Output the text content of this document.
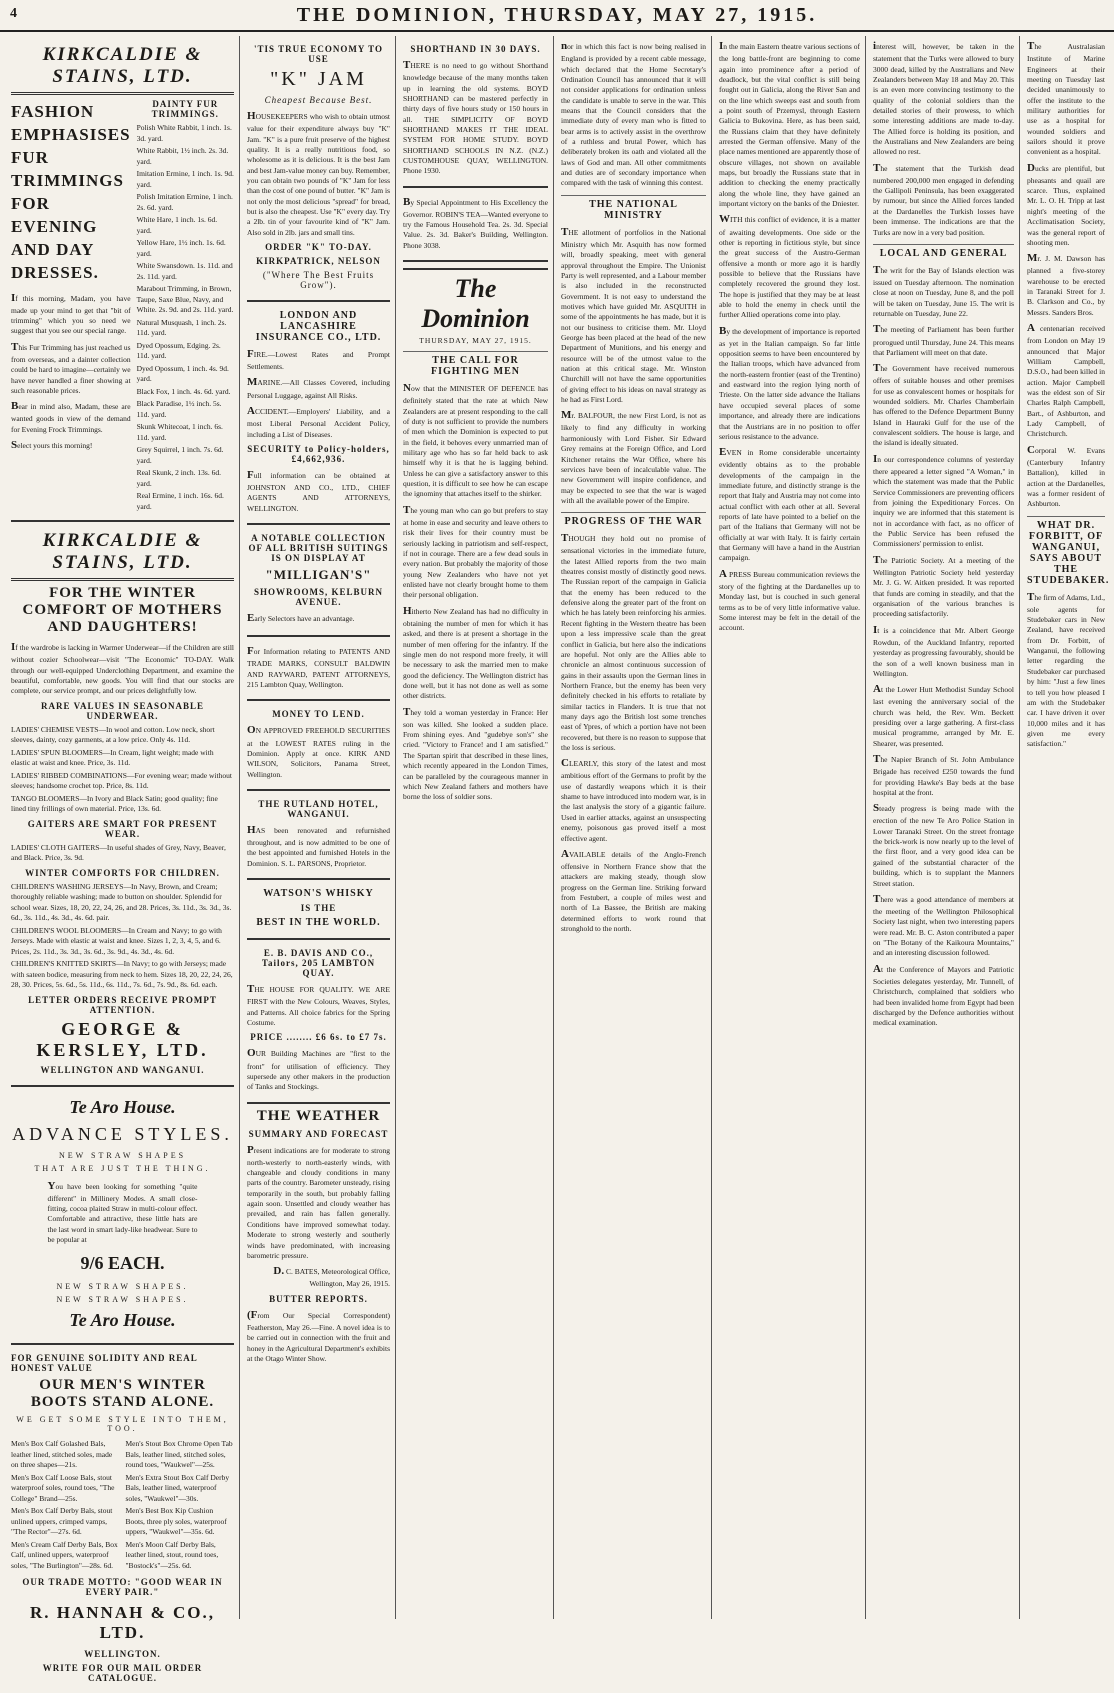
4	THE DOMINION, THURSDAY, MAY 27, 1915.
KIRKCALDIE & STAINS, LTD.
FASHION EMPHASISES FUR TRIMMINGS FOR EVENING AND DAY DRESSES.
If this morning, Madam, you have made up your mind to get that "bit of trimming" which you so need we suggest that you see our special range.
This Fur Trimming has just reached us from overseas, and a dainter collection could be hard to imagine—certainly we have never handled a finer showing at such reasonable prices.
Bear in mind also, Madam, these are wanted goods in view of the demand for Evening Frock Trimmings.
Select yours this morning!
DAINTY FUR TRIMMINGS.
Polish White Rabbit, 1 inch. 1s. 3d. yard.
White Rabbit, 1½ inch. 2s. 3d. yard.
Imitation Ermine, 1 inch. 1s. 9d. yard.
Polish Imitation Ermine, 1 inch. 2s. 6d. yard.
White Hare, 1 inch. 1s. 6d. yard.
Yellow Hare, 1½ inch. 1s. 6d. yard.
White Swansdown. 1s. 11d. and 2s. 11d. yard.
Marabout Trimming, in Brown, Taupe, Saxe Blue, Navy, and White. 2s. 9d. and 2s. 11d. yard.
Natural Musquash, 1 inch. 2s. 11d. yard.
Dyed Opossum, Edging. 2s. 11d. yard.
Dyed Opossum, 1 inch. 4s. 9d. yard.
Black Fox, 1 inch. 4s. 6d. yard.
Black Paradise, 1½ inch. 5s. 11d. yard.
Skunk Whitecoat, 1 inch. 6s. 11d. yard.
Grey Squirrel, 1 inch. 7s. 6d. yard.
Real Skunk, 2 inch. 13s. 6d. yard.
Real Ermine, 1 inch. 16s. 6d. yard.
KIRKCALDIE & STAINS, LTD.
FOR THE WINTER COMFORT OF MOTHERS AND DAUGHTERS!
If the wardrobe is lacking in Warmer Underwear—if the Children are still without cozier Schoolwear—visit "The Economic" TO-DAY. Walk through our well-equipped Underclothing Department, and examine the beautiful, comfortable, new goods. You will find that our stocks are complete, our service prompt, and our prices delightfully low.
RARE VALUES IN SEASONABLE UNDERWEAR.
LADIES' CHEMISE VESTS—In wool and cotton. Low neck, short sleeves, dainty, cozy garments, at a low price. Only 4s. 11d.
LADIES' SPUN BLOOMERS—In Cream, light weight; made with elastic at waist and knee. Price, 3s. 11d.
LADIES' RIBBED COMBINATIONS—For evening wear; made without sleeves; handsome crochet top. Price, 8s. 11d.
TANGO BLOOMERS—In Ivory and Black Satin; good quality; fine lined tiny frillings of own material. Price, 13s. 6d.
GAITERS ARE SMART FOR PRESENT WEAR.
LADIES' CLOTH GAITERS—In useful shades of Grey, Navy, Beaver, and Black. Price, 3s. 9d.
WINTER COMFORTS FOR CHILDREN.
CHILDREN'S WASHING JERSEYS—In Navy, Brown, and Cream; thoroughly reliable washing; made to button on shoulder. Splendid for school wear. Sizes, 18, 20, 22, 24, 26, and 28. Prices, 3s. 11d., 3s. 3d., 3s. 6d., 3s. 11d., 4s. 3d., 4s. 6d. pair.
CHILDREN'S WOOL BLOOMERS—In Cream and Navy; to go with Jerseys. Made with elastic at waist and knee. Sizes 1, 2, 3, 4, 5, and 6. Prices, 2s. 11d., 3s. 3d., 3s. 6d., 3s. 9d., 4s. 3d., 4s. 6d.
CHILDREN'S KNITTED SKIRTS—In Navy; to go with Jerseys; made with sateen bodice, measuring from neck to hem. Sizes 18, 20, 22, 24, 26, 28, 30. Prices, 5s. 6d., 5s. 11d., 6s. 11d., 7s. 6d., 7s. 9d., 8s. 6d. each.
LETTER ORDERS RECEIVE PROMPT ATTENTION.
GEORGE & KERSLEY, LTD.
WELLINGTON AND WANGANUI.
Te Aro House.
ADVANCE STYLES.
NEW STRAW SHAPES
THAT ARE JUST THE THING.
You have been looking for something "quite different" in Millinery Modes. A small close-fitting, cocoa plaited Straw in multi-colour effect. Comfortable and attractive, these little hats are the last word in smart lady-like headwear. Sure to be popular at
9/6 EACH.
NEW STRAW SHAPES.
NEW STRAW SHAPES.
Te Aro House.
FOR GENUINE SOLIDITY AND REAL HONEST VALUE
OUR MEN'S WINTER BOOTS STAND ALONE.
WE GET SOME STYLE INTO THEM, TOO.
Men's Box Calf Golashed Bals, leather lined, stitched soles, made on three shapes—21s.
Men's Box Calf Loose Bals, stout waterproof soles, round toes, "The College" Brand—25s.
Men's Box Calf Derby Bals, stout unlined uppers, crimped vamps, "The Rector"—27s. 6d.
Men's Cream Calf Derby Bals, Box Calf, unlined uppers, waterproof soles, "The Burlington"—28s. 6d.
Men's Stout Box Chrome Open Tab Bals, leather lined, stitched soles, round toes, "Waukwel"—25s.
Men's Extra Stout Box Calf Derby Bals, leather lined, waterproof soles, "Waukwel"—30s.
Men's Best Box Kip Cushion Boots, three ply soles, waterproof uppers, "Waukwel"—35s. 6d.
Men's Moon Calf Derby Bals, leather lined, stout, round toes, "Bostock's"—25s. 6d.
OUR TRADE MOTTO: "GOOD WEAR IN EVERY PAIR."
R. HANNAH & CO., LTD.
WELLINGTON.
WRITE FOR OUR MAIL ORDER CATALOGUE.
'TIS TRUE ECONOMY TO USE
"K" JAM
Cheapest Because Best.
HOUSEKEEPERS who wish to obtain utmost value for their expenditure always buy "K" Jam. "K" is a pure fruit preserve of the highest quality. It is a really nutritious food, so wholesome as it is delicious. It is the best Jam and best Jam-value money can buy. Remember, you can obtain two pounds of "K" Jam for less than the cost of one pound of butter. "K" Jam is not only the most delicious "spread" for bread, but is also the cheapest. Use "K" every day. Try a 2lb. tin of your favourite kind of "K" Jam. Also sold in 2lb. jars and small tins.
ORDER "K" TO-DAY.
KIRKPATRICK, NELSON
("Where The Best Fruits Grow").
LONDON AND LANCASHIRE INSURANCE CO., LTD.
FIRE.—Lowest Rates and Prompt Settlements.
MARINE.—All Classes Covered, including Personal Luggage, against All Risks.
ACCIDENT.—Employers' Liability, and a most Liberal Personal Accident Policy, including a List of Diseases.
SECURITY to Policy-holders, £4,662,936.
Full information can be obtained at JOHNSTON AND CO., LTD., CHIEF AGENTS AND ATTORNEYS, WELLINGTON.
A NOTABLE COLLECTION OF ALL BRITISH SUITINGS IS ON DISPLAY AT
"MILLIGAN'S"
SHOWROOMS, KELBURN AVENUE.
Early Selectors have an advantage.
For Information relating to PATENTS AND TRADE MARKS, CONSULT BALDWIN AND RAYWARD, PATENT ATTORNEYS, 215 Lambton Quay, Wellington.
MONEY TO LEND.
ON APPROVED FREEHOLD SECURITIES at the LOWEST RATES ruling in the Dominion. Apply at once. KIRK AND WILSON, Solicitors, Panama Street, Wellington.
THE RUTLAND HOTEL, WANGANUI.
HAS been renovated and refurnished throughout, and is now admitted to be one of the best appointed and furnished Hotels in the Dominion. S. L. PARSONS, Proprietor.
WATSON'S WHISKY
IS THE
BEST IN THE WORLD.
E. B. DAVIS AND CO., Tailors, 205 LAMBTON QUAY.
THE HOUSE FOR QUALITY. WE ARE FIRST with the New Colours, Weaves, Styles, and Patterns. All choice fabrics for the Spring Costume.
PRICE ........ £6 6s. to £7 7s.
OUR Building Machines are "first to the front" for utilisation of efficiency. They supersede any other makers in the production of Tanks and Stockings.
THE WEATHER
SUMMARY AND FORECAST
Present indications are for moderate to strong north-westerly to north-easterly winds, with changeable and cloudy conditions in many parts of the country. Barometer unsteady, rising temporarily in the south, but probably falling again soon. Unsettled and cloudy weather has prevailed, and rain has fallen generally. Conditions have improved somewhat today. Moderate to strong westerly and southerly winds have predominated, with increasing barometric pressure.
D. C. BATES, Meteorological Office, Wellington, May 26, 1915.
BUTTER REPORTS.
(From Our Special Correspondent) Featherston, May 26.—Fine. A novel idea is to be carried out in connection with the fruit and honey in the Agricultural Department's exhibits at the Otago Winter Show.
SHORTHAND IN 30 DAYS.
THERE is no need to go without Shorthand knowledge because of the many months taken up in learning the old systems. BOYD SHORTHAND can be mastered perfectly in thirty days of five hours study or 150 hours in all. THE SIMPLICITY OF BOYD SHORTHAND MAKES IT THE IDEAL SYSTEM FOR HOME STUDY. BOYD SHORTHAND SCHOOLS IN N.Z. (N.Z.) CUSTOMHOUSE QUAY, WELLINGTON. Phone 1930.
By Special Appointment to His Excellency the Governor. ROBIN'S TEA—Wanted everyone to try the Famous Household Tea. 2s. 3d. Special Value. 2s. 3d. Baker's Building, Wellington. Phone 3038.
The Dominion
THURSDAY, MAY 27, 1915.
THE CALL FOR FIGHTING MEN
Now that the MINISTER OF DEFENCE has definitely stated that the rate at which New Zealanders are at present responding to the call of duty is not sufficient to provide the numbers of men which the Dominion is expected to put in the field, it behoves every unmarried man of military age who has so far held back to ask himself why it is that he is lagging behind. Unless he can give a satisfactory answer to this question, it is difficult to see how he can escape the ignominy that attaches itself to the shirker.
The young man who can go but prefers to stay at home in ease and security and leave others to risk their lives for their country must be seriously lacking in patriotism and self-respect, if not in courage. There are a few dead souls in every nation. But probably the majority of those young New Zealanders who have not yet enlisted have not clearly brought home to them their personal obligation.
Hitherto New Zealand has had no difficulty in obtaining the number of men for which it has asked, and there is at present a shortage in the number of men offering for the infantry. If the single men do not respond more freely, it will be necessary to ask the married men to make good the deficiency. The Wellington district has done well, but it has not done as well as some other districts.
They told a woman yesterday in France: Her son was killed. She looked a sudden place. From shining eyes. And "gudebye son's" she cried. "Victory to France! and I am satisfied." The Spartan spirit that described in these lines, which recently appeared in the London Times, can be paralleled by the courageous manner in which New Zealand fathers and mothers have borne the loss of soldier sons.
nor in which this fact is now being realised in England is provided by a recent cable message, which declared that the Home Secretary's Ordination Council has announced that it will not consider applications for ordination unless the candidate is unable to serve in the war. This means that the Council considers that the immediate duty of every man who is fitted to bear arms is to actively assist in the overthrow of a ruthless and brutal Power, which has deliberately broken its oath and violated all the laws of God and man. All other commitments and duties are of secondary importance when compared with the task of winning this contest.
THE NATIONAL MINISTRY
THE allotment of portfolios in the National Ministry which Mr. Asquith has now formed will, broadly speaking, meet with general approval throughout the Empire. The Unionist Party is well represented, and a Labour member is also included in the reconstructed Government. It is not easy to understand the motives which have guided Mr. ASQUITH in some of the appointments he has made, but it is not our business to criticise them. Mr. Lloyd George has been placed at the head of the new Department of Munitions, and his energy and resource will be of the utmost value to the nation at this critical stage. Mr. Winston Churchill will not have the same opportunities of giving effect to his ideas on naval strategy as he had as First Lord.
Mr. BALFOUR, the new First Lord, is not as likely to find any difficulty in working harmoniously with Lord Fisher. Sir Edward Grey remains at the Foreign Office, and Lord Kitchener retains the War Office, where his services have been of incalculable value. The new Government will inspire confidence, and may be expected to see that the war is waged with all the available power of the Empire.
PROGRESS OF THE WAR
THOUGH they hold out no promise of sensational victories in the immediate future, the latest Allied reports from the two main theatres consist mostly of distinctly good news. The Russian report of the campaign in Galicia that the enemy has been reduced to the defensive along the greater part of the front on which he has lately been reinforcing his armies. Recent fighting in the Western theatre has been upon a less impressive scale than the great conflict in Galicia, but here also the indications are hopeful. Not only are the Allies able to chronicle an almost continuous succession of gains in their assaults upon the German lines in Northern France, but the enemy has been very definitely checked in his efforts to retaliate by similar tactics in Flanders. It is true that not many days ago the British lost some trenches east of Ypres, of which a portion have not been recovered, but there is no reason to suppose that the loss is serious.
CLEARLY, this story of the latest and most ambitious effort of the Germans to profit by the use of dastardly weapons which it is their shame to have introduced into modern war, is in the last analysis the story of a gigantic failure. Used in earlier attacks, against an unsuspecting enemy, poisonous gas proved itself a most effective agent.
AVAILABLE details of the Anglo-French offensive in Northern France show that the attackers are making steady, though slow progress on the German line. Striking forward from Festubert, a couple of miles west and north of La Bassee, the British are making determined efforts to work round that stronghold to the north.
In the main Eastern theatre various sections of the long battle-front are beginning to come again into prominence after a period of deadlock, but the vital conflict is still being fought out in Galicia, along the River San and on the line which sweeps east and south from a point south of Przemysl, through Eastern Galicia to Bukovina. Here, as has been said, the Russians claim that they have definitely arrested the German offensive. Many of the place names mentioned are apparently those of obscure villages, not shown on available maps, but broadly the Russians state that in addition to checking the enemy practically along the whole line, they have gained an important victory on the banks of the Dniester.
WITH this conflict of evidence, it is a matter of awaiting developments. One side or the other is reporting in fictitious style, but since the great success of the Austro-German offensive a month or more ago it is hardly possible to believe that the Russians have completely recovered the ground they lost. The hope is justified that they may be at least able to hold the enemy in check until the further Allied operations come into play.
By the development of importance is reported as yet in the Italian campaign. So far little opposition seems to have been encountered by the Italian troops, which have advanced from the north-eastern frontier (east of the Trentino) and eastward into the region lying north of Trieste. On the latter side advance the Italians have occupied several places of some importance, and already there are indications that the Austrians are in no position to offer serious resistance to the advance.
EVEN in Rome considerable uncertainty evidently obtains as to the probable developments of the campaign in the immediate future, and distinctly strange is the report that Italy and Austria may not come into actual conflict with each other at all. Several reports of late have pointed to a belief on the part of the Italians that Germany will not be officially at war with Italy. It is fairly certain that Germany will have a hand in the Austrian campaign.
A PRESS Bureau communication reviews the story of the fighting at the Dardanelles up to Monday last, but is couched in such general terms as to be of very little informative value. Some interest may be felt in the detail of the account.
interest will, however, be taken in the statement that the Turks were allowed to bury 3000 dead, killed by the Australians and New Zealanders between May 18 and May 20. This is an even more convincing testimony to the quality of the colonial soldiers than the detailed stories of their prowess, to which some interesting additions are made to-day. The Allied force is holding its position, and the Australians and New Zealanders are being allowed no rest.
The statement that the Turkish dead numbered 200,000 men engaged in defending the Gallipoli Peninsula, has been exaggerated by rumour, but since the Allied forces landed at the Dardanelles the Turkish losses have been immense. The indications are that the Turks are now in a very bad position.
LOCAL AND GENERAL
The writ for the Bay of Islands election was issued on Tuesday afternoon. The nomination close at noon on Tuesday, June 8, and the poll will be taken on Tuesday, June 15. The writ is returnable on Tuesday, June 22.
The meeting of Parliament has been further prorogued until Thursday, June 24. This means that Parliament will meet on that date.
The Government have received numerous offers of suitable houses and other premises for use as convalescent homes or hospitals for wounded soldiers. Mr. Charles Chamberlain has offered to the Defence Department Bunny Island in Hauraki Gulf for the use of the convalescent soldiers. The house is large, and the island is ideally situated.
In our correspondence columns of yesterday there appeared a letter signed "A Woman," in which the statement was made that the Public Service Commissioners are preventing officers from joining the Expeditionary Forces. On inquiry we are informed that this statement is not in accordance with fact, as no officer of the Public Service has been refused the Commissioners' permission to enlist.
The Patriotic Society. At a meeting of the Wellington Patriotic Society held yesterday Mr. J. G. W. Aitken presided. It was reported that funds are coming in steadily, and that the organisation of the various branches is proceeding satisfactorily.
It is a coincidence that Mr. Albert George Rowdun, of the Auckland Infantry, reported yesterday as progressing favourably, should be the son of a well known business man in Wellington.
At the Lower Hutt Methodist Sunday School last evening the anniversary social of the church was held, the Rev. Wm. Beckett presiding over a large gathering. A first-class musical programme, arranged by Mr. E. Shearer, was presented.
The Napier Branch of St. John Ambulance Brigade has received £250 towards the fund for providing Hawke's Bay beds at the base hospital at the front.
Steady progress is being made with the erection of the new Te Aro Police Station in Lower Taranaki Street. On the street frontage the brick-work is now nearly up to the level of the first floor, and a very good idea can be gained of the substantial character of the building, which is to supplant the Manners Street station.
There was a good attendance of members at the meeting of the Wellington Philosophical Society last night, when two interesting papers were read. Mr. B. C. Aston contributed a paper on "The Botany of the Kaikoura Mountains," and an interesting discussion followed.
At the Conference of Mayors and Patriotic Societies delegates yesterday, Mr. Tunnell, of Christchurch, complained that soldiers who had been invalided home from Egypt had been discharged by the Defence authorities without medical examination.
The Australasian Institute of Marine Engineers at their meeting on Tuesday last decided unanimously to offer the institute to the military authorities for use as a hospital for wounded soldiers and sailors should it prove convenient as a hospital.
Ducks are plentiful, but pheasants and quail are scarce. Thus, explained Mr. L. O. H. Tripp at last night's meeting of the Acclimatisation Society, was the general report of shooting men.
Mr. J. M. Dawson has planned a five-storey warehouse to be erected in Taranaki Street for J. B. Clarkson and Co., by Messrs. Sanders Bros.
A centenarian received from London on May 19 announced that Major William Campbell, D.S.O., had been killed in action. Major Campbell was the eldest son of Sir Charles Ralph Campbell, Bart., of Ashburton, and Lady Campbell, of Christchurch.
Corporal W. Evans (Canterbury Infantry Battalion), killed in action at the Dardanelles, was a former resident of Ashburton.
WHAT DR. FORBITT, OF WANGANUI, SAYS ABOUT THE STUDEBAKER.
The firm of Adams, Ltd., sole agents for Studebaker cars in New Zealand, have received from Dr. Forbitt, of Wanganui, the following letter regarding the Studebaker car purchased by him: "Just a few lines to tell you how pleased I am with the Studebaker car. I have driven it over 10,000 miles and it has given me every satisfaction."
